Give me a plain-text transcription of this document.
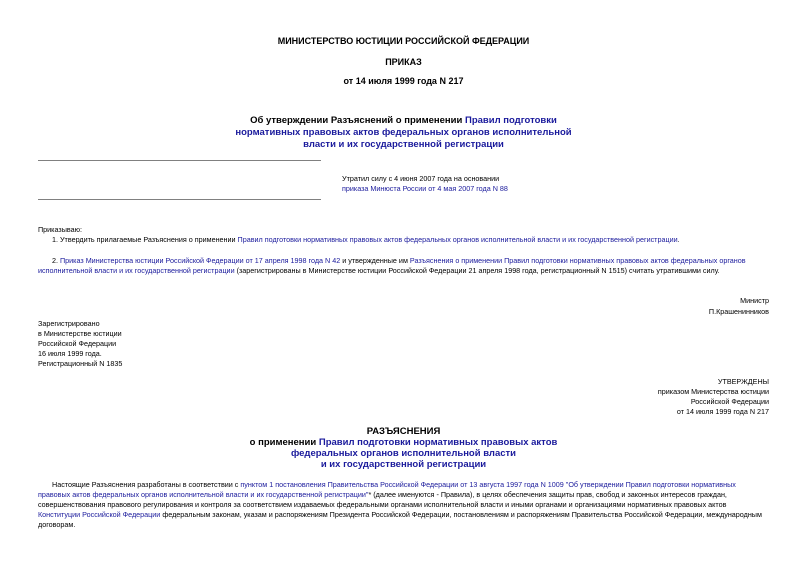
МИНИСТЕРСТВО ЮСТИЦИИ РОССИЙСКОЙ ФЕДЕРАЦИИ
ПРИКАЗ
от 14 июля 1999 года N 217
Об утверждении Разъяснений о применении Правил подготовки
нормативных правовых актов федеральных органов исполнительной
власти и их государственной регистрации
Утратил силу с 4 июня 2007 года на основании
приказа Минюста России от 4 мая 2007 года N 88
Приказываю:
1. Утвердить прилагаемые Разъяснения о применении Правил подготовки нормативных правовых актов федеральных органов исполнительной власти и их государственной регистрации.
2. Приказ Министерства юстиции Российской Федерации от 17 апреля 1998 года N 42 и утвержденные им Разъяснения о применении Правил подготовки нормативных правовых актов федеральных органов
исполнительной власти и их государственной регистрации (зарегистрированы в Министерстве юстиции Российской Федерации 21 апреля 1998 года, регистрационный N 1515) считать утратившими силу.
Министр
П.Крашенинников
Зарегистрировано
в Министерстве юстиции
Российской Федерации
16 июля 1999 года.
Регистрационный N 1835
УТВЕРЖДЕНЫ
приказом Министерства юстиции
Российской Федерации
от 14 июля 1999 года N 217
РАЗЪЯСНЕНИЯ
о применении Правил подготовки нормативных правовых актов
федеральных органов исполнительной власти
и их государственной регистрации
Настоящие Разъяснения разработаны в соответствии с пунктом 1 постановления Правительства Российской Федерации от 13 августа 1997 года N 1009 "Об утверждении Правил подготовки нормативных
правовых актов федеральных органов исполнительной власти и их государственной регистрации"* (далее именуются - Правила), в целях обеспечения защиты прав, свобод и законных интересов граждан,
совершенствования правового регулирования и контроля за соответствием издаваемых федеральными органами исполнительной власти и иными органами и организациями нормативных правовых актов
Конституции Российской Федерации федеральным законам, указам и распоряжениям Президента Российской Федерации, постановлениям и распоряжениям Правительства Российской Федерации, международным
договорам.
